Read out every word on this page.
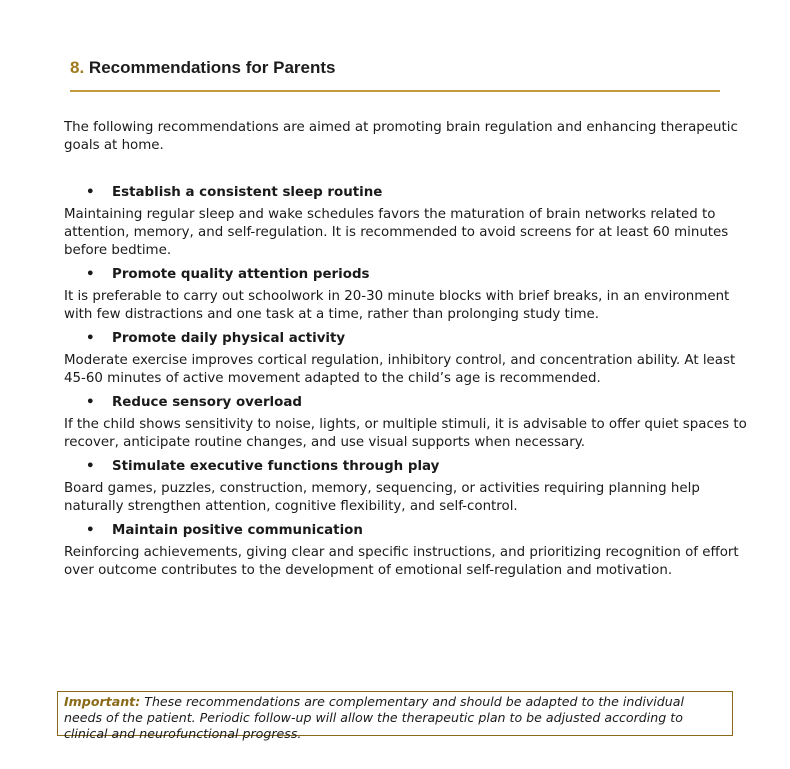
8. Recommendations for Parents

The following recommendations are aimed at promoting brain regulation and enhancing therapeutic goals at home.

• Establish a consistent sleep routine

Maintaining regular sleep and wake schedules favors the maturation of brain networks related to attention, memory, and self-regulation. It is recommended to avoid screens for at least 60 minutes before bedtime.

• Promote quality attention periods

It is preferable to carry out schoolwork in 20-30 minute blocks with brief breaks, in an environment with few distractions and one task at a time, rather than prolonging study time.

• Promote daily physical activity

Moderate exercise improves cortical regulation, inhibitory control, and concentration ability. At least 45-60 minutes of active movement adapted to the child’s age is recommended.

• Reduce sensory overload

If the child shows sensitivity to noise, lights, or multiple stimuli, it is advisable to offer quiet spaces to recover, anticipate routine changes, and use visual supports when necessary.

• Stimulate executive functions through play

Board games, puzzles, construction, memory, sequencing, or activities requiring planning help naturally strengthen attention, cognitive flexibility, and self-control.

• Maintain positive communication

Reinforcing achievements, giving clear and specific instructions, and prioritizing recognition of effort over outcome contributes to the development of emotional self-regulation and motivation.

Important: These recommendations are complementary and should be adapted to the individual needs of the patient. Periodic follow-up will allow the therapeutic plan to be adjusted according to clinical and neurofunctional progress.
